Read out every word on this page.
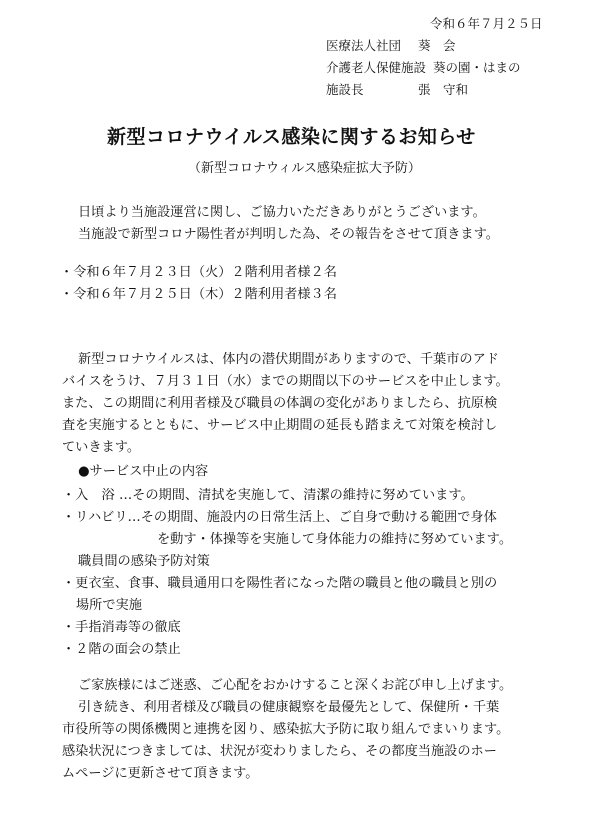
令和６年７月２５日
医療法人社団 葵　会
介護老人保健施設 葵の園・はまの
施設長	張　守和
新型コロナウイルス感染に関するお知らせ
（新型コロナウィルス感染症拡大予防）
日頃より当施設運営に関し、ご協力いただきありがとうございます。
当施設で新型コロナ陽性者が判明した為、その報告をさせて頂きます。
・令和６年７月２３日（火）２階利用者様２名
・令和６年７月２５日（木）２階利用者様３名
新型コロナウイルスは、体内の潜伏期間がありますので、千葉市のアド
バイスをうけ、７月３１日（水）までの期間以下のサービスを中止します。
また、この期間に利用者様及び職員の体調の変化がありましたら、抗原検
査を実施するとともに、サービス中止期間の延長も踏まえて対策を検討し
ていきます。
●サービス中止の内容
・入　浴 …その期間、清拭を実施して、清潔の維持に努めています。
・リハビリ…その期間、施設内の日常生活上、ご自身で動ける範囲で身体
を動す・体操等を実施して身体能力の維持に努めています。
職員間の感染予防対策
・更衣室、食事、職員通用口を陽性者になった階の職員と他の職員と別の
場所で実施
・手指消毒等の徹底
・２階の面会の禁止
ご家族様にはご迷惑、ご心配をおかけすること深くお詫び申し上げます。
引き続き、利用者様及び職員の健康観察を最優先として、保健所・千葉
市役所等の関係機関と連携を図り、感染拡大予防に取り組んでまいります。
感染状況につきましては、状況が変わりましたら、その都度当施設のホー
ムページに更新させて頂きます。
